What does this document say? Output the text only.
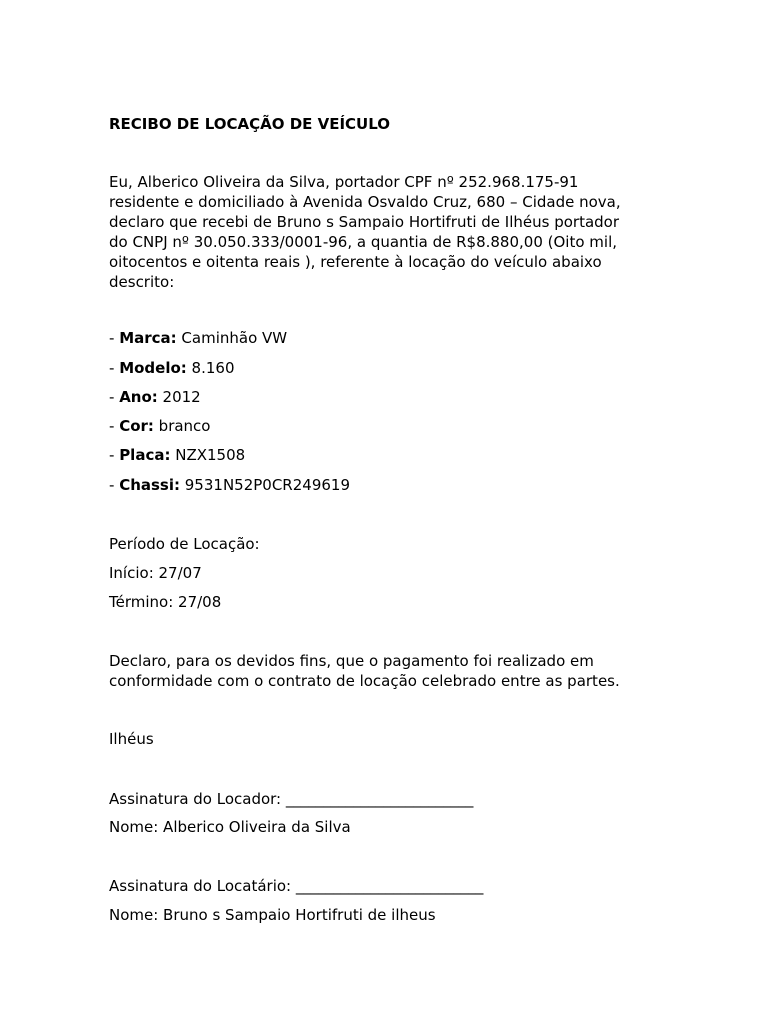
RECIBO DE LOCAÇÃO DE VEÍCULO
Eu, Alberico Oliveira da Silva, portador CPF nº 252.968.175-91
residente e domiciliado à Avenida Osvaldo Cruz, 680 – Cidade nova,
declaro que recebi de Bruno s Sampaio Hortifruti de Ilhéus portador
do CNPJ nº 30.050.333/0001-96, a quantia de R$8.880,00 (Oito mil,
oitocentos e oitenta reais ), referente à locação do veículo abaixo
descrito:
- Marca: Caminhão VW
- Modelo: 8.160
- Ano: 2012
- Cor: branco
- Placa: NZX1508
- Chassi: 9531N52P0CR249619
Período de Locação:
Início: 27/07
Término: 27/08
Declaro, para os devidos fins, que o pagamento foi realizado em
conformidade com o contrato de locação celebrado entre as partes.
Ilhéus
Assinatura do Locador: _________________________
Nome: Alberico Oliveira da Silva
Assinatura do Locatário: _________________________
Nome: Bruno s Sampaio Hortifruti de ilheus
